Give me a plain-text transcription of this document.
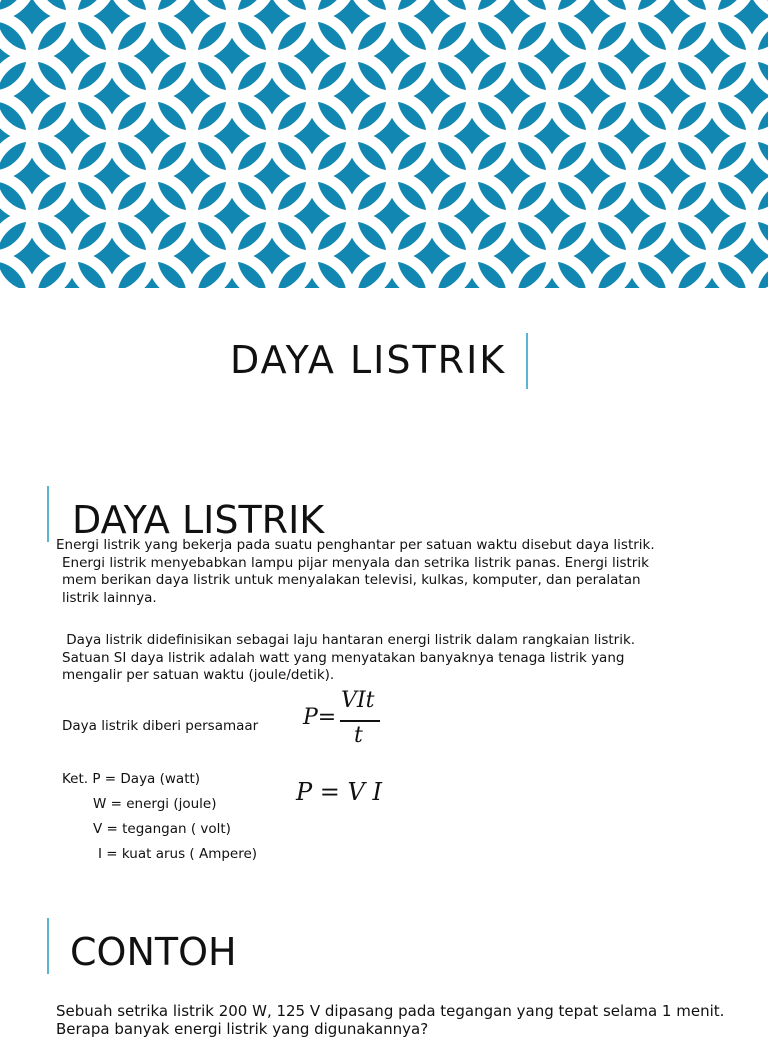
DAYA LISTRIK
DAYA LISTRIK
Energi listrik yang bekerja pada suatu penghantar per satuan waktu disebut daya listrik.
Energi listrik menyebabkan lampu pijar menyala dan setrika listrik panas. Energi listrik
mem berikan daya listrik untuk menyalakan televisi, kulkas, komputer, dan peralatan
listrik lainnya.
Daya listrik didefinisikan sebagai laju hantaran energi listrik dalam rangkaian listrik.
Satuan SI daya listrik adalah watt yang menyatakan banyaknya tenaga listrik yang
mengalir per satuan waktu (joule/detik).
Daya listrik diberi persamaar P=
VIt
t
P = V I
Ket. P = Daya (watt)
W = energi (joule)
V = tegangan ( volt)
I = kuat arus ( Ampere)
CONTOH
Sebuah setrika listrik 200 W, 125 V dipasang pada tegangan yang tepat selama 1 menit. Berapa banyak energi listrik yang digunakannya?
